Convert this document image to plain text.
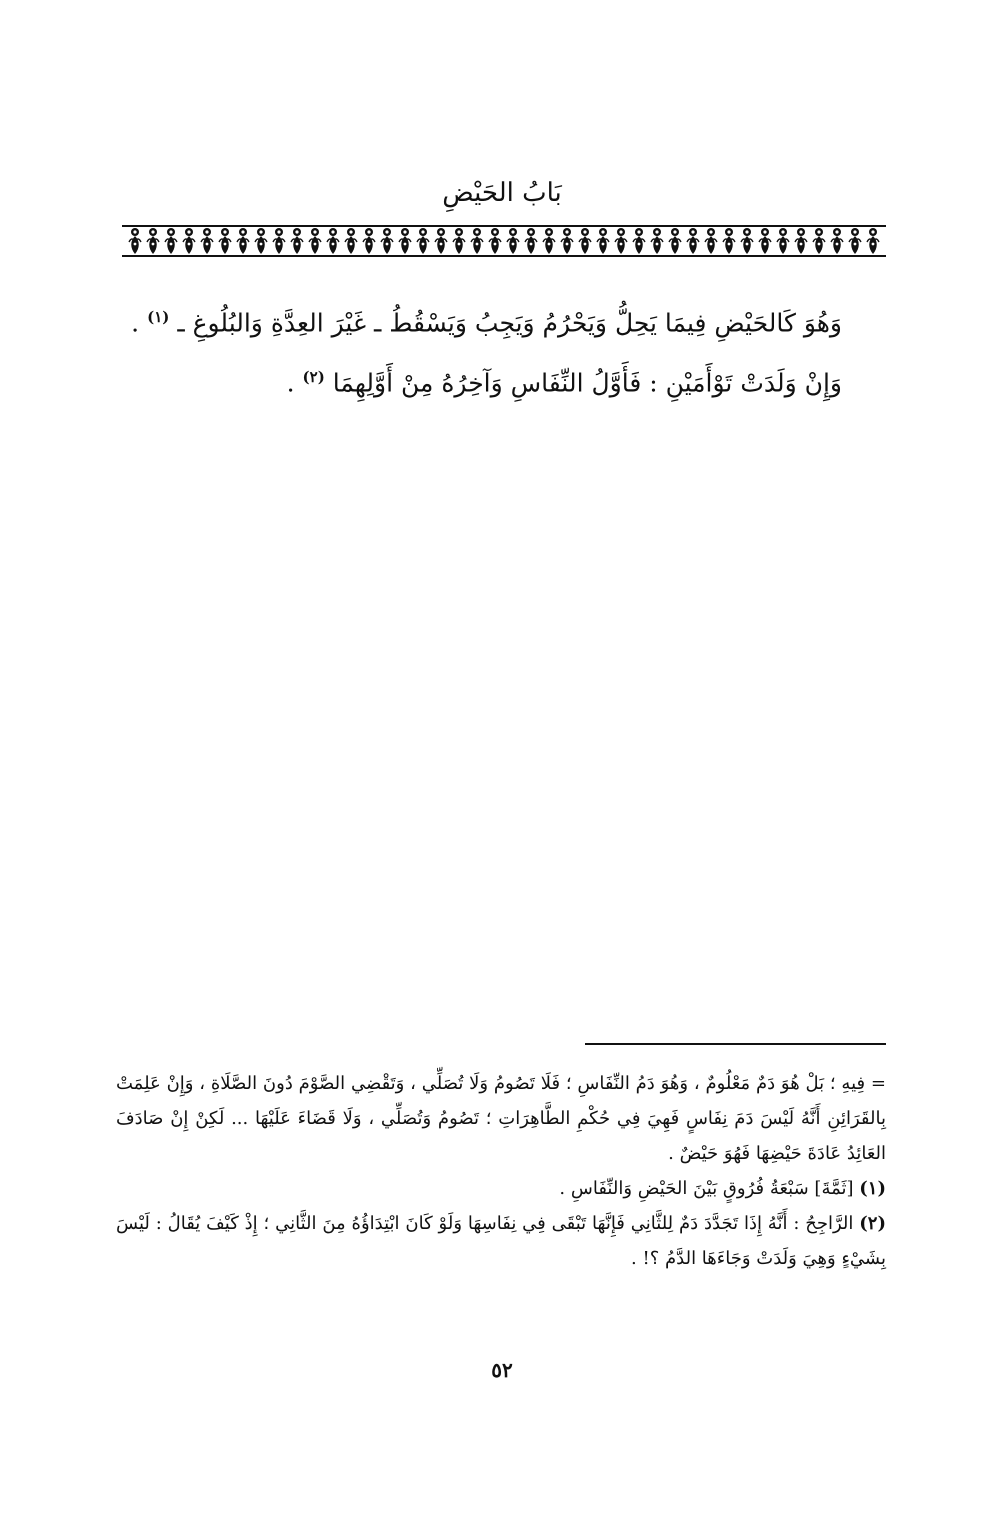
بَابُ الحَيْضِ

وَهُوَ كَالحَيْضِ فِيمَا يَحِلُّ وَيَحْرُمُ وَيَجِبُ وَيَسْقُطُ ـ غَيْرَ العِدَّةِ وَالبُلُوغِ ـ $^{(١)}$ .

وَإِنْ وَلَدَتْ تَوْأَمَيْنِ : فَأَوَّلُ النِّفَاسِ وَآخِرُهُ مِنْ أَوَّلِهِمَا $^{(٢)}$ .

= فِيهِ ؛ بَلْ هُوَ دَمٌ مَعْلُومٌ ، وَهُوَ دَمُ النِّفَاسِ ؛ فَلَا تَصُومُ وَلَا تُصَلِّي ، وَتَقْضِي الصَّوْمَ دُونَ الصَّلَاةِ ، وَإِنْ عَلِمَتْ بِالقَرَائِنِ أَنَّهُ لَيْسَ دَمَ نِفَاسٍ فَهِيَ فِي حُكْمِ الطَّاهِرَاتِ ؛ تَصُومُ وَتُصَلِّي ، وَلَا قَضَاءَ عَلَيْهَا ... لَكِنْ إِنْ صَادَفَ العَائِدُ عَادَةَ حَيْضِهَا فَهُوَ حَيْضٌ .

(١) [ثَمَّةَ] سَبْعَةُ فُرُوقٍ بَيْنَ الحَيْضِ وَالنِّفَاسِ .

(٢) الرَّاجِحُ : أَنَّهُ إِذَا تَجَدَّدَ دَمٌ لِلثَّانِي فَإِنَّهَا تَبْقَى فِي نِفَاسِهَا وَلَوْ كَانَ ابْتِدَاؤُهُ مِنَ الثَّانِي ؛ إِذْ كَيْفَ يُقَالُ : لَيْسَ بِشَيْءٍ وَهِيَ وَلَدَتْ وَجَاءَهَا الدَّمُ ؟! .

٥٢
